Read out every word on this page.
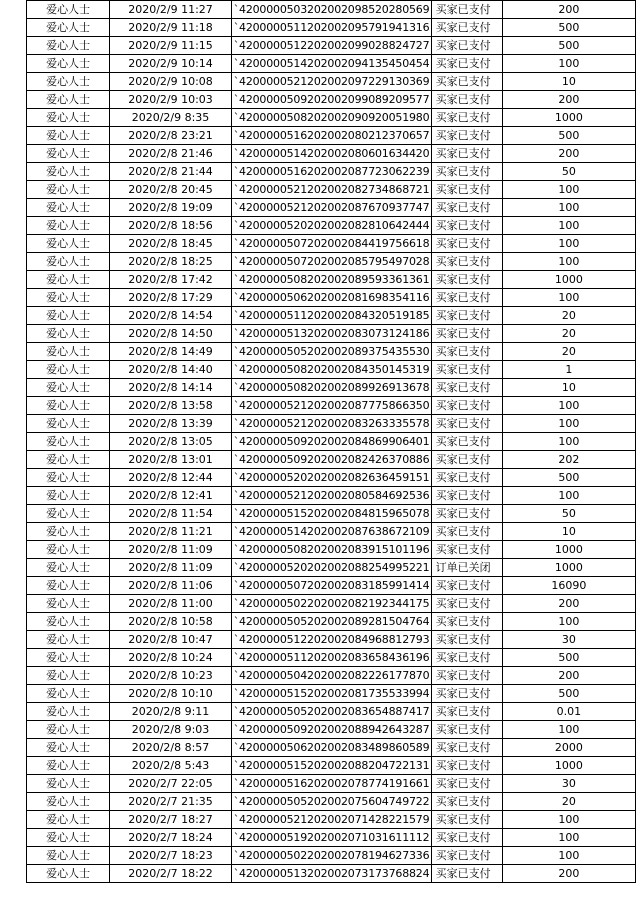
爱心人士	2020/2/9 11:27	`4200000503202002098520280569	买家已支付	200
爱心人士	2020/2/9 11:18	`4200000511202002095791941316	买家已支付	500
爱心人士	2020/2/9 11:15	`4200000512202002099028824727	买家已支付	500
爱心人士	2020/2/9 10:14	`4200000514202002094135450454	买家已支付	100
爱心人士	2020/2/9 10:08	`4200000521202002097229130369	买家已支付	10
爱心人士	2020/2/9 10:03	`4200000509202002099089209577	买家已支付	200
爱心人士	2020/2/9 8:35	`4200000508202002090920051980	买家已支付	1000
爱心人士	2020/2/8 23:21	`4200000516202002080212370657	买家已支付	500
爱心人士	2020/2/8 21:46	`4200000514202002080601634420	买家已支付	200
爱心人士	2020/2/8 21:44	`4200000516202002087723062239	买家已支付	50
爱心人士	2020/2/8 20:45	`4200000521202002082734868721	买家已支付	100
爱心人士	2020/2/8 19:09	`4200000521202002087670937747	买家已支付	100
爱心人士	2020/2/8 18:56	`4200000520202002082810642444	买家已支付	100
爱心人士	2020/2/8 18:45	`4200000507202002084419756618	买家已支付	100
爱心人士	2020/2/8 18:25	`4200000507202002085795497028	买家已支付	100
爱心人士	2020/2/8 17:42	`4200000508202002089593361361	买家已支付	1000
爱心人士	2020/2/8 17:29	`4200000506202002081698354116	买家已支付	100
爱心人士	2020/2/8 14:54	`4200000511202002084320519185	买家已支付	20
爱心人士	2020/2/8 14:50	`4200000513202002083073124186	买家已支付	20
爱心人士	2020/2/8 14:49	`4200000505202002089375435530	买家已支付	20
爱心人士	2020/2/8 14:40	`4200000508202002084350145319	买家已支付	1
爱心人士	2020/2/8 14:14	`4200000508202002089926913678	买家已支付	10
爱心人士	2020/2/8 13:58	`4200000521202002087775866350	买家已支付	100
爱心人士	2020/2/8 13:39	`4200000521202002083263335578	买家已支付	100
爱心人士	2020/2/8 13:05	`4200000509202002084869906401	买家已支付	100
爱心人士	2020/2/8 13:01	`4200000509202002082426370886	买家已支付	202
爱心人士	2020/2/8 12:44	`4200000520202002082636459151	买家已支付	500
爱心人士	2020/2/8 12:41	`4200000521202002080584692536	买家已支付	100
爱心人士	2020/2/8 11:54	`4200000515202002084815965078	买家已支付	50
爱心人士	2020/2/8 11:21	`4200000514202002087638672109	买家已支付	10
爱心人士	2020/2/8 11:09	`4200000508202002083915101196	买家已支付	1000
爱心人士	2020/2/8 11:09	`4200000520202002088254995221	订单已关闭	1000
爱心人士	2020/2/8 11:06	`4200000507202002083185991414	买家已支付	16090
爱心人士	2020/2/8 11:00	`4200000502202002082192344175	买家已支付	200
爱心人士	2020/2/8 10:58	`4200000505202002089281504764	买家已支付	100
爱心人士	2020/2/8 10:47	`4200000512202002084968812793	买家已支付	30
爱心人士	2020/2/8 10:24	`4200000511202002083658436196	买家已支付	500
爱心人士	2020/2/8 10:23	`4200000504202002082226177870	买家已支付	200
爱心人士	2020/2/8 10:10	`4200000515202002081735533994	买家已支付	500
爱心人士	2020/2/8 9:11	`4200000505202002083654887417	买家已支付	0.01
爱心人士	2020/2/8 9:03	`4200000509202002088942643287	买家已支付	100
爱心人士	2020/2/8 8:57	`4200000506202002083489860589	买家已支付	2000
爱心人士	2020/2/8 5:43	`4200000515202002088204722131	买家已支付	1000
爱心人士	2020/2/7 22:05	`4200000516202002078774191661	买家已支付	30
爱心人士	2020/2/7 21:35	`4200000505202002075604749722	买家已支付	20
爱心人士	2020/2/7 18:27	`4200000521202002071428221579	买家已支付	100
爱心人士	2020/2/7 18:24	`4200000519202002071031611112	买家已支付	100
爱心人士	2020/2/7 18:23	`4200000502202002078194627336	买家已支付	100
爱心人士	2020/2/7 18:22	`4200000513202002073173768824	买家已支付	200
